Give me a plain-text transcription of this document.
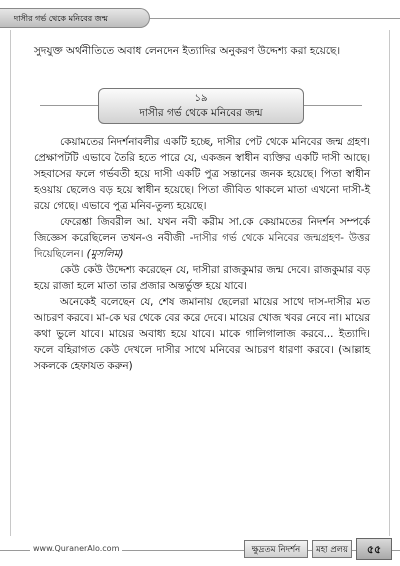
দাসীর গর্ভ থেকে মনিবের জন্ম
সুদযুক্ত অর্থনীতিতে অবাধ লেনদেন ইত্যাদির অনুকরণ উদ্দেশ্য করা হয়েছে।
১৯
দাসীর গর্ভ থেকে মনিবের জন্ম

কেয়ামতের নিদর্শনাবলীর একটি হচ্ছে, দাসীর পেট থেকে মনিবের জন্ম গ্রহণ। প্রেক্ষাপটটি এভাবে তৈরি হতে পারে যে, একজন স্বাধীন ব্যক্তির একটি দাসী আছে। সহবাসের ফলে গর্ভবতী হয়ে দাসী একটি পুত্র সন্তানের জনক হয়েছে। পিতা স্বাধীন হওয়ায় ছেলেও বড় হয়ে স্বাধীন হয়েছে। পিতা জীবিত থাকলে মাতা এখনো দাসী-ই রয়ে গেছে। এভাবে পুত্র মনিব-তুল্য হয়েছে।

ফেরেশ্তা জিবরীল আ. যখন নবী করীম সা.কে কেয়ামতের নিদর্শন সম্পর্কে জিজ্ঞেস করেছিলেন তখন-ও নবীজী -দাসীর গর্ভ থেকে মনিবের জন্মগ্রহণ- উত্তর দিয়েছিলেন। (মুসলিম)

কেউ কেউ উদ্দেশ্য করেছেন যে, দাসীরা রাজকুমার জন্ম দেবে। রাজকুমার বড় হয়ে রাজা হলে মাতা তার প্রজার অন্তর্ভুক্ত হয়ে যাবে।

অনেকেই বলেছেন যে, শেষ জমানায় ছেলেরা মায়ের সাথে দাস-দাসীর মত আচরণ করবে। মা-কে ঘর থেকে বের করে দেবে। মায়ের খোজ খবর নেবে না। মায়ের কথা ভুলে যাবে। মায়ের অবাধ্য হয়ে যাবে। মাকে গালিগালাজ করবে... ইত্যাদি। ফলে বহিরাগত কেউ দেখলে দাসীর সাথে মনিবের আচরণ ধারণা করবে। (আল্লাহ সকলকে হেফাযত করুন)

www.QuranerAlo.com	ক্ষুদ্রতম নিদর্শন	মহা প্রলয়	৫৫
